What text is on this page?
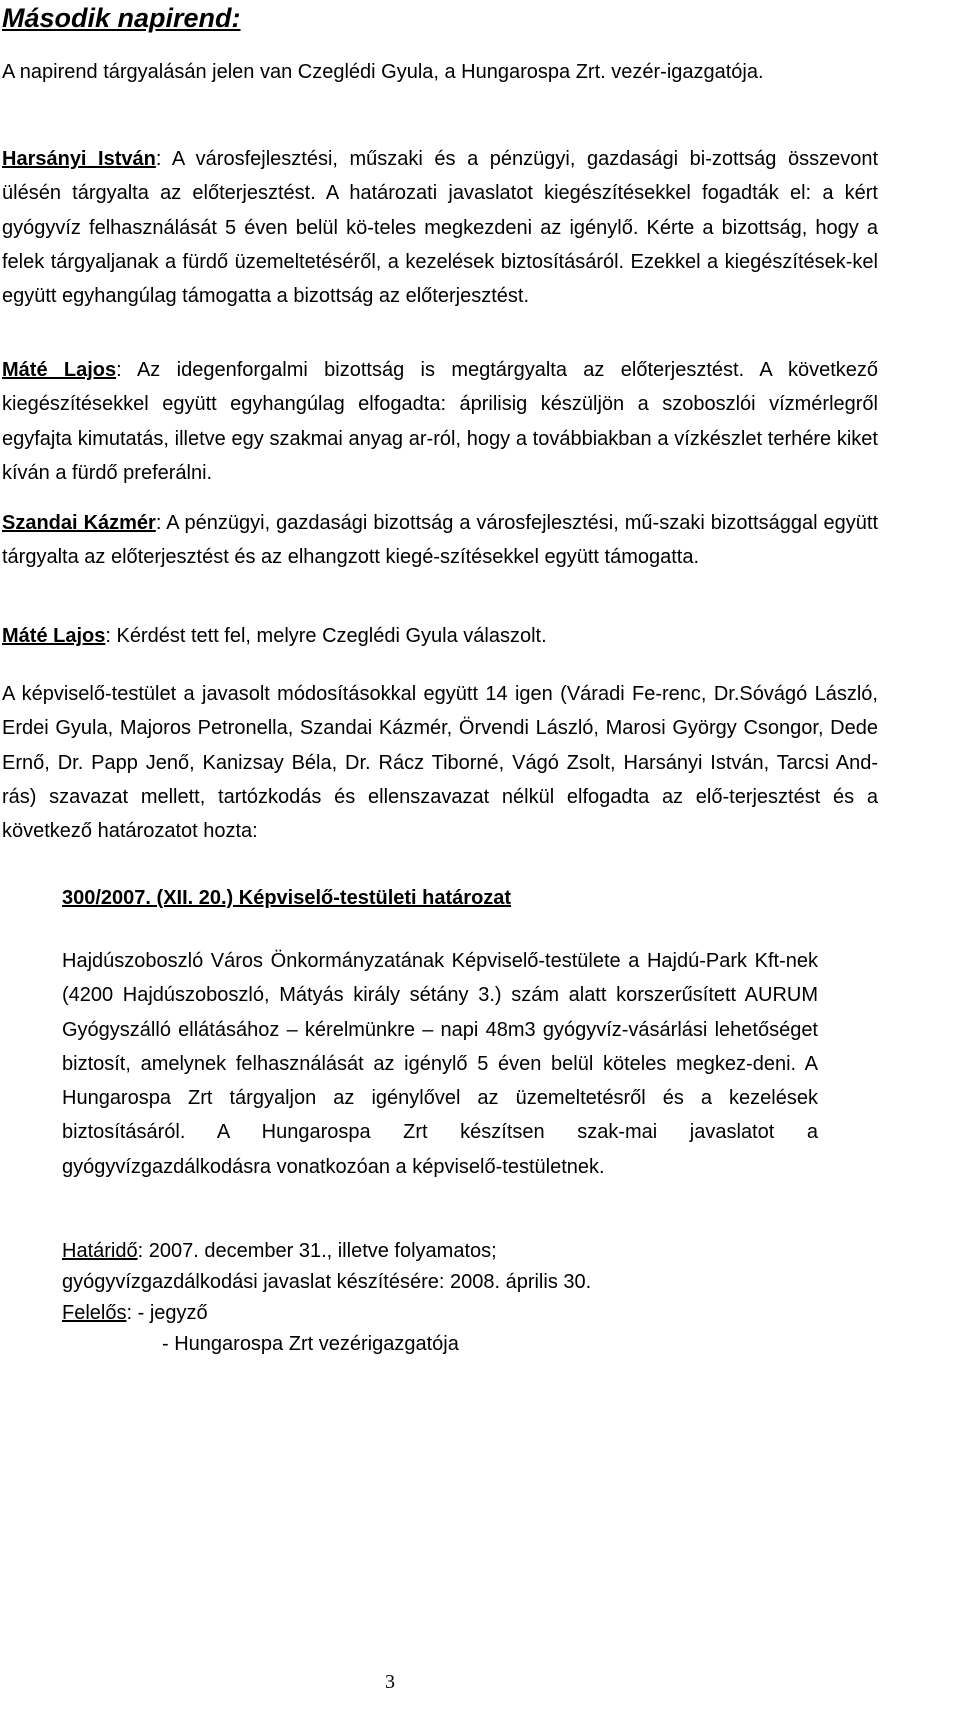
Második napirend:
A napirend tárgyalásán jelen van Czeglédi Gyula, a Hungarospa Zrt. vezér-igazgatója.
Harsányi István: A városfejlesztési, műszaki és a pénzügyi, gazdasági bi-zottság összevont ülésén tárgyalta az előterjesztést. A határozati javaslatot kiegészítésekkel fogadták el: a kért gyógyvíz felhasználását 5 éven belül kö-teles megkezdeni az igénylő. Kérte a bizottság, hogy a felek tárgyaljanak a fürdő üzemeltetéséről, a kezelések biztosításáról. Ezekkel a kiegészítések-kel együtt egyhangúlag támogatta a bizottság az előterjesztést.
Máté Lajos: Az idegenforgalmi bizottság is megtárgyalta az előterjesztést. A következő kiegészítésekkel együtt egyhangúlag elfogadta: áprilisig készüljön a szoboszlói vízmérlegről egyfajta kimutatás, illetve egy szakmai anyag ar-ról, hogy a továbbiakban a vízkészlet terhére kiket kíván a fürdő preferálni.
Szandai Kázmér: A pénzügyi, gazdasági bizottság a városfejlesztési, mű-szaki bizottsággal együtt tárgyalta az előterjesztést és az elhangzott kiegé-szítésekkel együtt támogatta.
Máté Lajos: Kérdést tett fel, melyre Czeglédi Gyula válaszolt.
A képviselő-testület a javasolt módosításokkal együtt 14 igen (Váradi Fe-renc, Dr.Sóvágó László, Erdei Gyula, Majoros Petronella, Szandai Kázmér, Örvendi László, Marosi György Csongor, Dede Ernő, Dr. Papp Jenő, Kanizsay Béla, Dr. Rácz Tiborné, Vágó Zsolt, Harsányi István, Tarcsi And-rás) szavazat mellett, tartózkodás és ellenszavazat nélkül elfogadta az elő-terjesztést és a következő határozatot hozta:
300/2007. (XII. 20.) Képviselő-testületi határozat
Hajdúszoboszló Város Önkormányzatának Képviselő-testülete a Hajdú-Park Kft-nek (4200 Hajdúszoboszló, Mátyás király sétány 3.) szám alatt korszerűsített AURUM Gyógyszálló ellátásához – kérelmünkre – napi 48m3 gyógyvíz-vásárlási lehetőséget biztosít, amelynek felhasználását az igénylő 5 éven belül köteles megkez-deni. A Hungarospa Zrt tárgyaljon az igénylővel az üzemeltetésről és a kezelések biztosításáról. A Hungarospa Zrt készítsen szak-mai javaslatot a gyógyvízgazdálkodásra vonatkozóan a képviselő-testületnek.
Határidő: 2007. december 31., illetve folyamatos;
gyógyvízgazdálkodási javaslat készítésére: 2008. április 30.
Felelős: - jegyző
- Hungarospa Zrt vezérigazgatója
3
